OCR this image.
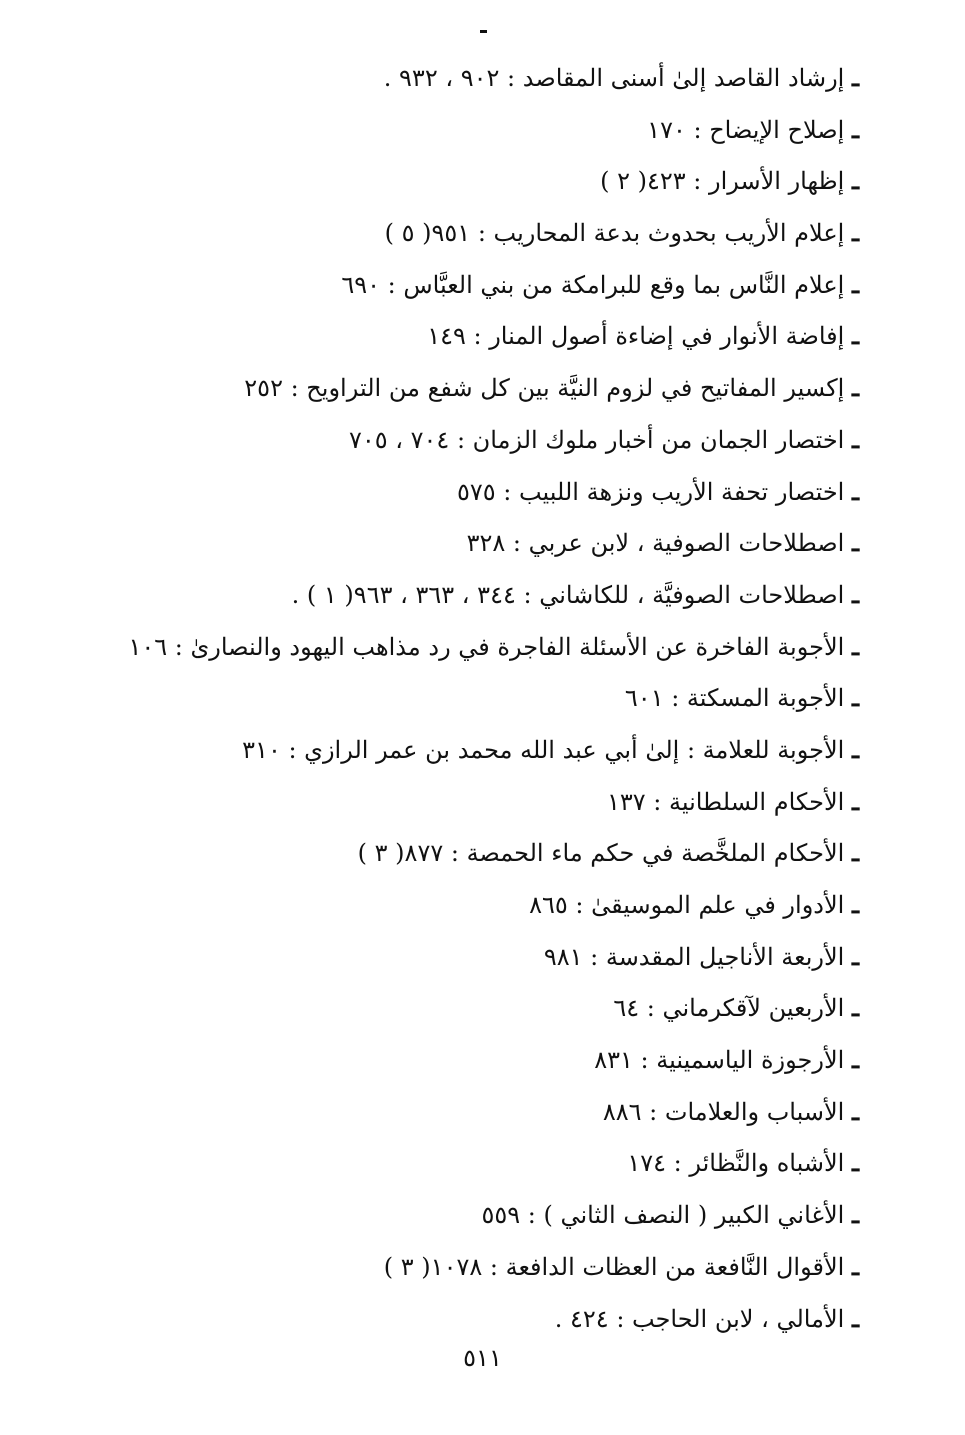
ـ إرشاد القاصد إلىٰ أسنى المقاصد : ٩٠٢ ، ٩٣٢ .
ـ إصلاح الإيضاح : ١٧٠
ـ إظهار الأسرار : ٤٢٣( ٢ )
ـ إعلام الأريب بحدوث بدعة المحاريب : ٩٥١( ٥ )
ـ إعلام النَّاس بما وقع للبرامكة من بني العبَّاس : ٦٩٠
ـ إفاضة الأنوار في إضاءة أصول المنار : ١٤٩
ـ إكسير المفاتيح في لزوم النيَّة بين كل شفع من التراويح : ٢٥٢
ـ اختصار الجمان من أخبار ملوك الزمان : ٧٠٤ ، ٧٠٥
ـ اختصار تحفة الأريب ونزهة اللبيب : ٥٧٥
ـ اصطلاحات الصوفية ، لابن عربي : ٣٢٨
ـ اصطلاحات الصوفيَّة ، للكاشاني : ٣٤٤ ، ٣٦٣ ، ٩٦٣( ١ ) .
ـ الأجوبة الفاخرة عن الأسئلة الفاجرة في رد مذاهب اليهود والنصارىٰ : ١٠٦
ـ الأجوبة المسكتة : ٦٠١
ـ الأجوبة للعلامة : إلىٰ أبي عبد الله محمد بن عمر الرازي : ٣١٠
ـ الأحكام السلطانية : ١٣٧
ـ الأحكام الملخَّصة في حكم ماء الحمصة : ٨٧٧( ٣ )
ـ الأدوار في علم الموسيقىٰ : ٨٦٥
ـ الأربعة الأناجيل المقدسة : ٩٨١
ـ الأربعين لآقكرماني : ٦٤
ـ الأرجوزة الياسمينية : ٨٣١
ـ الأسباب والعلامات : ٨٨٦
ـ الأشباه والنَّظائر : ١٧٤
ـ الأغاني الكبير ( النصف الثاني ) : ٥٥٩
ـ الأقوال النَّافعة من العظات الدافعة : ١٠٧٨( ٣ )
ـ الأمالي ، لابن الحاجب : ٤٢٤ .
٥١١
